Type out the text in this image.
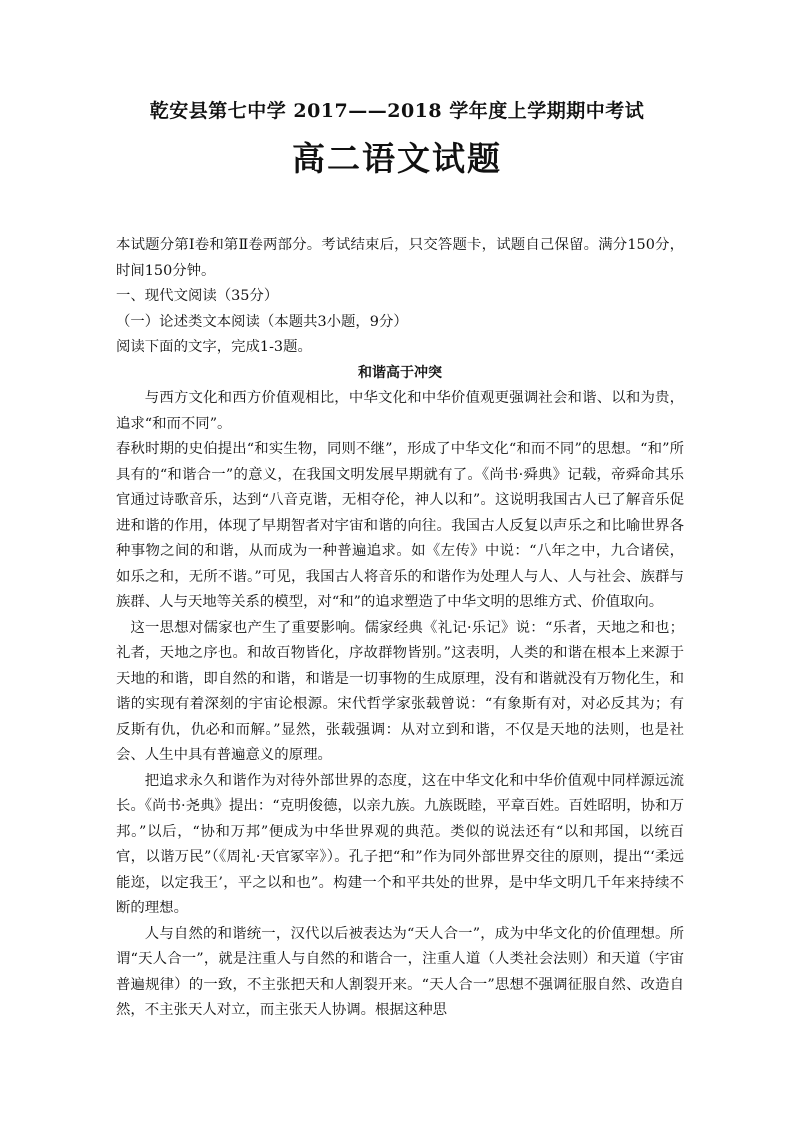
乾安县第七中学 2017——2018 学年度上学期期中考试
高二语文试题

本试题分第Ⅰ卷和第Ⅱ卷两部分。考试结束后，只交答题卡，试题自己保留。满分150分，时间150分钟。

一、现代文阅读（35分）

（一）论述类文本阅读（本题共3小题，9分）

阅读下面的文字，完成1-3题。

和谐高于冲突

与西方文化和西方价值观相比，中华文化和中华价值观更强调社会和谐、以和为贵，追求“和而不同”。

春秋时期的史伯提出“和实生物，同则不继”，形成了中华文化“和而不同”的思想。“和”所具有的“和谐合一”的意义，在我国文明发展早期就有了。《尚书·舜典》记载，帝舜命其乐官通过诗歌音乐，达到“八音克谐，无相夺伦，神人以和”。这说明我国古人已了解音乐促进和谐的作用，体现了早期智者对宇宙和谐的向往。我国古人反复以声乐之和比喻世界各种事物之间的和谐，从而成为一种普遍追求。如《左传》中说：“八年之中，九合诸侯，如乐之和，无所不谐。”可见，我国古人将音乐的和谐作为处理人与人、人与社会、族群与族群、人与天地等关系的模型，对“和”的追求塑造了中华文明的思维方式、价值取向。

这一思想对儒家也产生了重要影响。儒家经典《礼记·乐记》说：“乐者，天地之和也；礼者，天地之序也。和故百物皆化，序故群物皆别。”这表明，人类的和谐在根本上来源于天地的和谐，即自然的和谐，和谐是一切事物的生成原理，没有和谐就没有万物化生，和谐的实现有着深刻的宇宙论根源。宋代哲学家张载曾说：“有象斯有对，对必反其为；有反斯有仇，仇必和而解。”显然，张载强调：从对立到和谐，不仅是天地的法则，也是社会、人生中具有普遍意义的原理。

把追求永久和谐作为对待外部世界的态度，这在中华文化和中华价值观中同样源远流长。《尚书·尧典》提出：“克明俊德，以亲九族。九族既睦，平章百姓。百姓昭明，协和万邦。”以后，“协和万邦”便成为中华世界观的典范。类似的说法还有“以和邦国，以统百官，以谐万民”（《周礼·天官冢宰》）。孔子把“和”作为同外部世界交往的原则，提出“‘柔远能迩，以定我王’，平之以和也”。构建一个和平共处的世界，是中华文明几千年来持续不断的理想。

人与自然的和谐统一，汉代以后被表达为“天人合一”，成为中华文化的价值理想。所谓“天人合一”，就是注重人与自然的和谐合一，注重人道（人类社会法则）和天道（宇宙普遍规律）的一致，不主张把天和人割裂开来。“天人合一”思想不强调征服自然、改造自然，不主张天人对立，而主张天人协调。根据这种思
